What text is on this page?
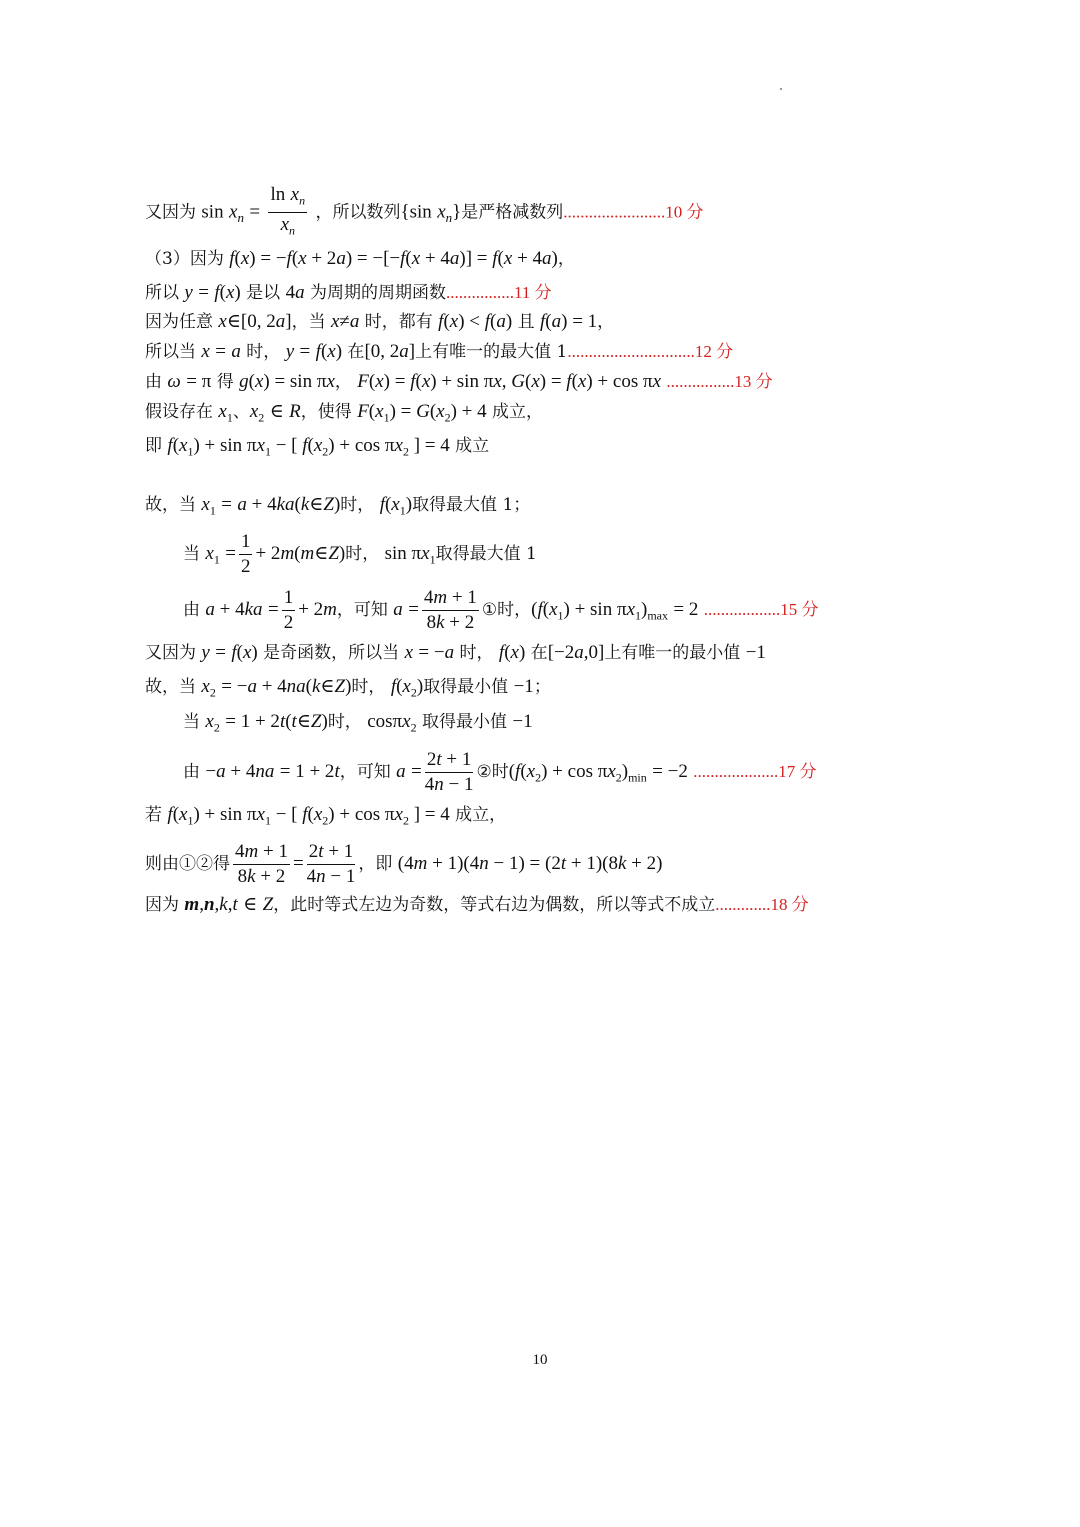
又因为 $\sin x_n = \frac{\ln x_n}{x_n}$ ，所以数列{sin $x_n$}是严格减数列........................10 分
（3）因为 f(x) = −f(x + 2a) = −[−f(x + 4a)] = f(x + 4a)，
所以 y = f(x) 是以 4a 为周期的周期函数................11 分
因为任意 x∈[0, 2a]，当 x≠a 时，都有 f(x) < f(a) 且 f(a) = 1，
所以当 x = a 时， y = f(x) 在[0, 2a]上有唯一的最大值 1..............................12 分
由 ω = π 得 g(x) = sin πx， F(x) = f(x) + sin πx, G(x) = f(x) + cos πx ................13 分
假设存在 $x_1$、$x_2$ ∈ R，使得 $F(x_1) = G(x_2) + 4$ 成立，
即 $f(x_1) + \sin \pi x_1$ − [ $f(x_2) + \cos \pi x_2$ ] = 4 成立
故，当 $x_1 = a$ + 4ka(k∈Z)时， $f(x_1)$取得最大值 1；
当 $x_1 = \frac{1}{2}$ + 2m(m∈Z)时， $\sin \pi x_1$取得最大值 1
由 $a + 4ka = \frac{1}{2} + 2m$，可知 $a = \frac{4m + 1}{8k + 2}$ ①时，$(f(x_1) + \sin \pi x_1)_{max} = 2$ ..................15 分
又因为 y = f(x) 是奇函数，所以当 x = −a 时， f(x) 在[−2a,0]上有唯一的最小值 −1
故，当 $x_2 = -a$ + 4na(k∈Z)时， $f(x_2)$取得最小值 −1；
当 $x_2 = 1$ + 2t(t∈Z)时， cosπx$_2$ 取得最小值 −1
由 −a + 4na = 1 + 2t，可知 $a = \frac{2t + 1}{4n - 1}$ ②时$(f(x_2) + \cos \pi x_2)_{min} = -2$ ....................17 分
若 $f(x_1) + \sin \pi x_1$ − [ $f(x_2) + \cos \pi x_2$ ] = 4 成立，
则由①②得 $\frac{4m + 1}{8k + 2} = \frac{2t + 1}{4n - 1}$ ，即 (4m + 1)(4n − 1) = (2t + 1)(8k + 2)
因为 m,n,k,t ∈ Z，此时等式左边为奇数，等式右边为偶数，所以等式不成立.............18 分
10
